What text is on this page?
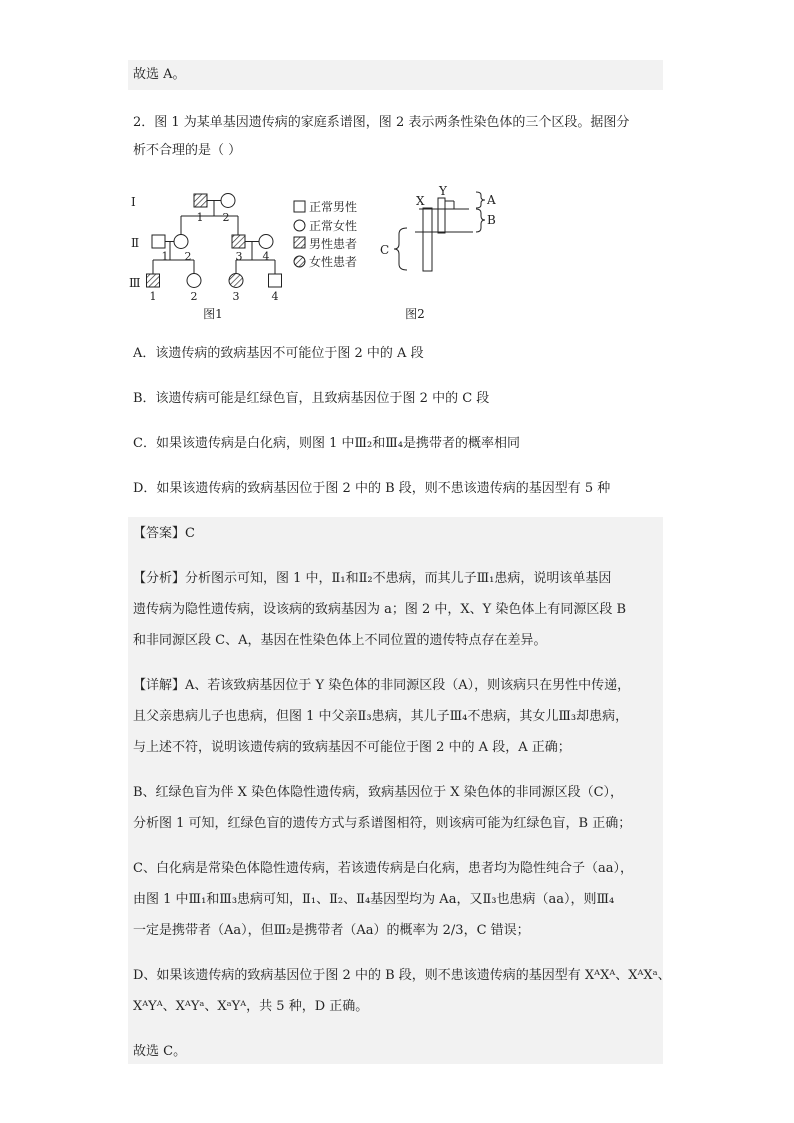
故选 A。
2．图 1 为某单基因遗传病的家庭系谱图，图 2 表示两条性染色体的三个区段。据图分
析不合理的是（ ）
Ⅰ
Ⅱ
Ⅲ
1 2
1 2	3 4
1	2	3	4
图1
正常男性
正常女性
男性患者
女性患者
X
Y
A
B
C
图2
A．该遗传病的致病基因不可能位于图 2 中的 A 段
B．该遗传病可能是红绿色盲，且致病基因位于图 2 中的 C 段
C．如果该遗传病是白化病，则图 1 中Ⅲ₂和Ⅲ₄是携带者的概率相同
D．如果该遗传病的致病基因位于图 2 中的 B 段，则不患该遗传病的基因型有 5 种
【答案】C
【分析】分析图示可知，图 1 中，Ⅱ₁和Ⅱ₂不患病，而其儿子Ⅲ₁患病，说明该单基因
遗传病为隐性遗传病，设该病的致病基因为 a；图 2 中，X、Y 染色体上有同源区段 B
和非同源区段 C、A，基因在性染色体上不同位置的遗传特点存在差异。
【详解】A、若该致病基因位于 Y 染色体的非同源区段（A），则该病只在男性中传递，
且父亲患病儿子也患病，但图 1 中父亲Ⅱ₃患病，其儿子Ⅲ₄不患病，其女儿Ⅲ₃却患病，
与上述不符，说明该遗传病的致病基因不可能位于图 2 中的 A 段，A 正确；
B、红绿色盲为伴 X 染色体隐性遗传病，致病基因位于 X 染色体的非同源区段（C），
分析图 1 可知，红绿色盲的遗传方式与系谱图相符，则该病可能为红绿色盲，B 正确；
C、白化病是常染色体隐性遗传病，若该遗传病是白化病，患者均为隐性纯合子（aa），
由图 1 中Ⅲ₁和Ⅲ₃患病可知，Ⅱ₁、Ⅱ₂、Ⅱ₄基因型均为 Aa，又Ⅱ₃也患病（aa），则Ⅲ₄
一定是携带者（Aa），但Ⅲ₂是携带者（Aa）的概率为 2/3，C 错误；
D、如果该遗传病的致病基因位于图 2 中的 B 段，则不患该遗传病的基因型有 XᴬXᴬ、XᴬXᵃ、
XᴬYᴬ、XᴬYᵃ、XᵃYᴬ，共 5 种，D 正确。
故选 C。
